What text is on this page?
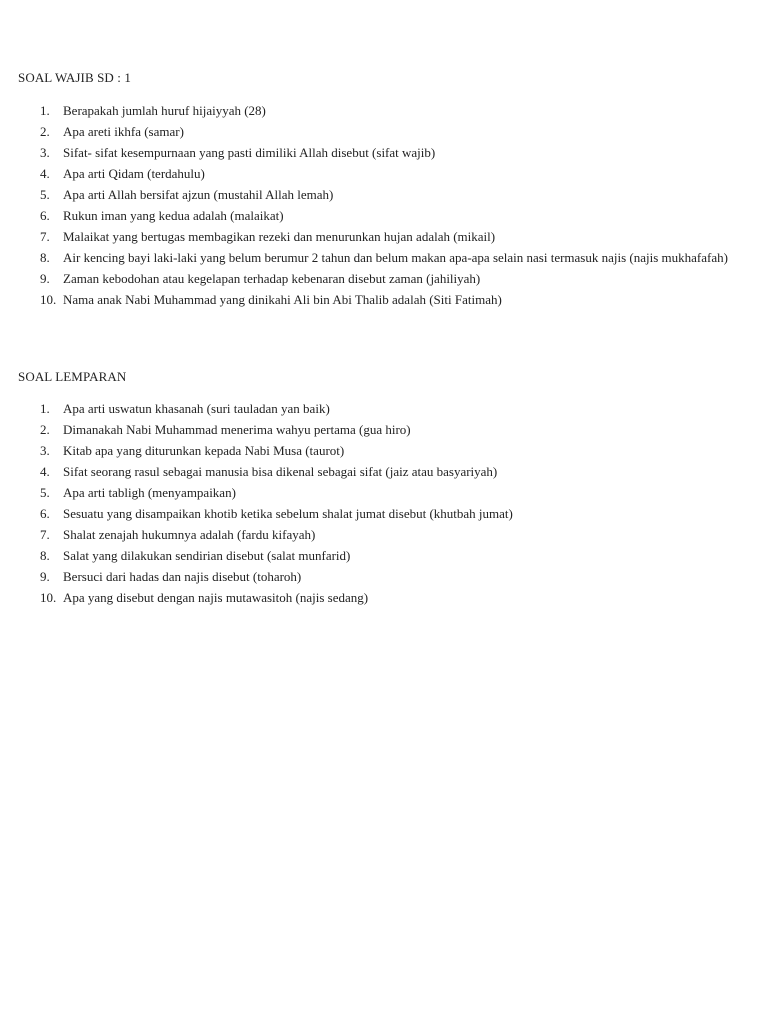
SOAL WAJIB SD : 1
1. Berapakah jumlah huruf hijaiyyah (28)
2. Apa areti ikhfa (samar)
3. Sifat- sifat kesempurnaan yang pasti dimiliki Allah disebut (sifat wajib)
4. Apa arti Qidam (terdahulu)
5. Apa arti Allah bersifat ajzun (mustahil Allah lemah)
6. Rukun iman yang kedua adalah (malaikat)
7. Malaikat yang bertugas membagikan rezeki dan menurunkan hujan adalah (mikail)
8. Air kencing bayi laki-laki yang belum berumur 2 tahun dan belum makan apa-apa selain nasi termasuk najis (najis mukhafafah)
9. Zaman kebodohan atau kegelapan terhadap kebenaran disebut zaman (jahiliyah)
10. Nama anak Nabi Muhammad yang dinikahi Ali bin Abi Thalib adalah (Siti Fatimah)
SOAL LEMPARAN
1. Apa arti uswatun khasanah (suri tauladan yan baik)
2. Dimanakah Nabi Muhammad menerima wahyu pertama (gua hiro)
3. Kitab apa yang diturunkan kepada Nabi Musa (taurot)
4. Sifat seorang rasul sebagai manusia bisa dikenal sebagai sifat (jaiz atau basyariyah)
5. Apa arti tabligh (menyampaikan)
6. Sesuatu yang disampaikan khotib ketika sebelum shalat jumat disebut (khutbah jumat)
7. Shalat zenajah hukumnya adalah (fardu kifayah)
8. Salat yang dilakukan sendirian disebut (salat munfarid)
9. Bersuci dari hadas dan najis disebut (toharoh)
10. Apa yang disebut dengan najis mutawasitoh (najis sedang)
